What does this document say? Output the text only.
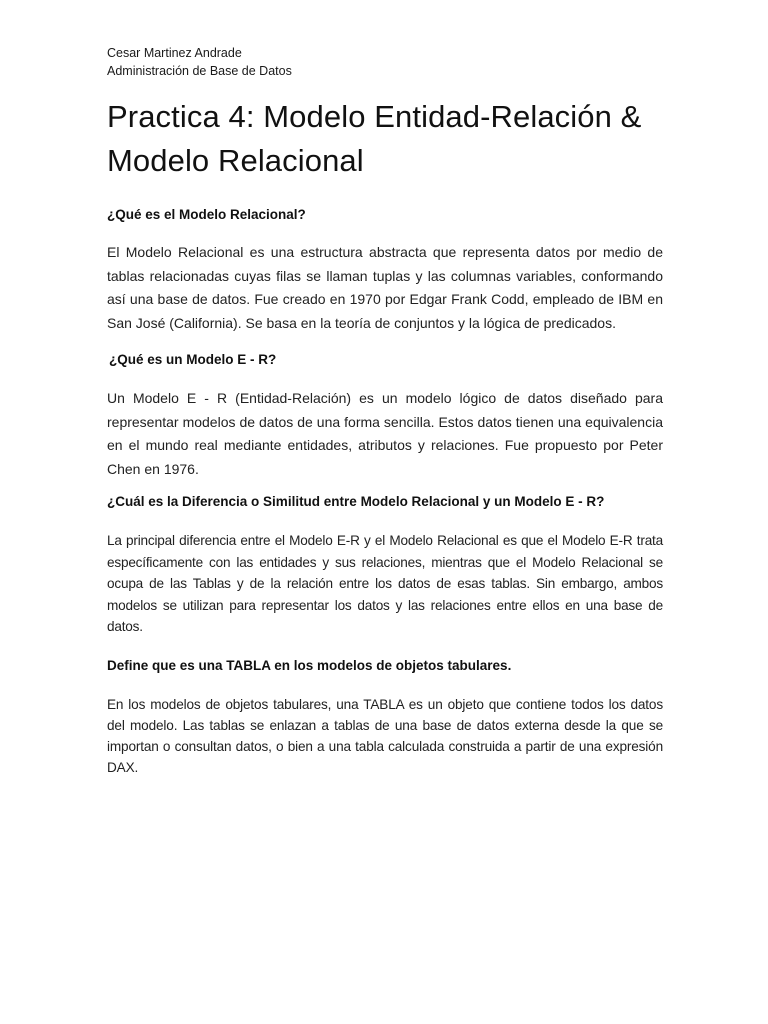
Cesar Martinez Andrade

Administración de Base de Datos

Practica 4: Modelo Entidad-Relación & Modelo Relacional

¿Qué es el Modelo Relacional?

El Modelo Relacional es una estructura abstracta que representa datos por medio de tablas relacionadas cuyas filas se llaman tuplas y las columnas variables, conformando así una base de datos. Fue creado en 1970 por Edgar Frank Codd, empleado de IBM en San José (California). Se basa en la teoría de conjuntos y la lógica de predicados.

¿Qué es un Modelo E - R?

Un Modelo E - R (Entidad-Relación) es un modelo lógico de datos diseñado para representar modelos de datos de una forma sencilla. Estos datos tienen una equivalencia en el mundo real mediante entidades, atributos y relaciones. Fue propuesto por Peter Chen en 1976.

¿Cuál es la Diferencia o Similitud entre Modelo Relacional y un Modelo E - R?

La principal diferencia entre el Modelo E-R y el Modelo Relacional es que el Modelo E-R trata específicamente con las entidades y sus relaciones, mientras que el Modelo Relacional se ocupa de las Tablas y de la relación entre los datos de esas tablas. Sin embargo, ambos modelos se utilizan para representar los datos y las relaciones entre ellos en una base de datos.

Define que es una TABLA en los modelos de objetos tabulares.

En los modelos de objetos tabulares, una TABLA es un objeto que contiene todos los datos del modelo. Las tablas se enlazan a tablas de una base de datos externa desde la que se importan o consultan datos, o bien a una tabla calculada construida a partir de una expresión DAX.
